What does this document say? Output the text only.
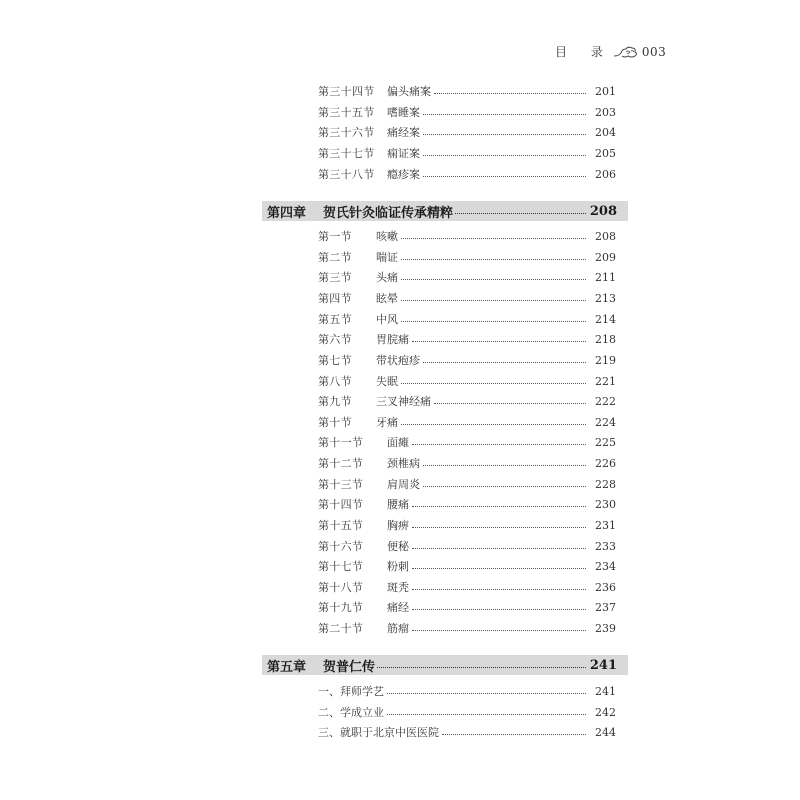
目 录 003
第三十四节	偏头痛案	201
第三十五节	嗜睡案	203
第三十六节	痛经案	204
第三十七节	痫证案	205
第三十八节	瘾疹案	206
第四章	贺氏针灸临证传承精粹	208
第一节	咳嗽	208
第二节	喘证	209
第三节	头痛	211
第四节	眩晕	213
第五节	中风	214
第六节	胃脘痛	218
第七节	带状疱疹	219
第八节	失眠	221
第九节	三叉神经痛	222
第十节	牙痛	224
第十一节	面瘫	225
第十二节	颈椎病	226
第十三节	肩周炎	228
第十四节	腰痛	230
第十五节	胸痹	231
第十六节	便秘	233
第十七节	粉刺	234
第十八节	斑秃	236
第十九节	痛经	237
第二十节	筋瘤	239
第五章	贺普仁传	241
一、拜师学艺	241
二、学成立业	242
三、就职于北京中医医院	244
